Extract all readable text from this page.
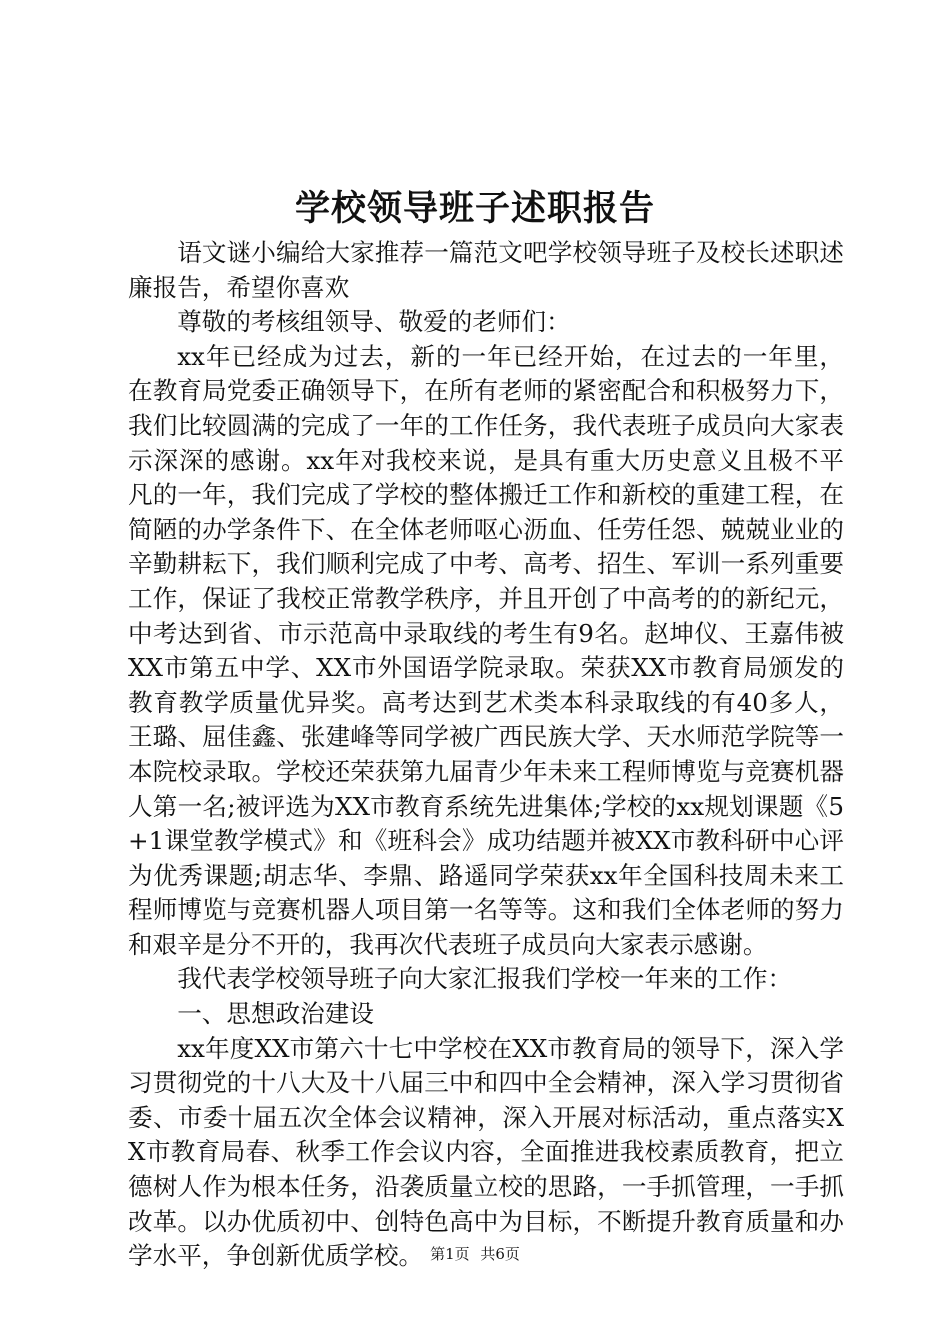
学校领导班子述职报告

语文谜小编给大家推荐一篇范文吧学校领导班子及校长述职述廉报告，希望你喜欢

尊敬的考核组领导、敬爱的老师们：

xx年已经成为过去，新的一年已经开始，在过去的一年里，在教育局党委正确领导下，在所有老师的紧密配合和积极努力下，我们比较圆满的完成了一年的工作任务，我代表班子成员向大家表示深深的感谢。xx年对我校来说，是具有重大历史意义且极不平凡的一年，我们完成了学校的整体搬迁工作和新校的重建工程，在简陋的办学条件下、在全体老师呕心沥血、任劳任怨、兢兢业业的辛勤耕耘下，我们顺利完成了中考、高考、招生、军训一系列重要工作，保证了我校正常教学秩序，并且开创了中高考的的新纪元，中考达到省、市示范高中录取线的考生有9名。赵坤仪、王嘉伟被XX市第五中学、XX市外国语学院录取。荣获XX市教育局颁发的教育教学质量优异奖。高考达到艺术类本科录取线的有40多人，王璐、屈佳鑫、张建峰等同学被广西民族大学、天水师范学院等一本院校录取。学校还荣获第九届青少年未来工程师博览与竞赛机器人第一名;被评选为XX市教育系统先进集体;学校的xx规划课题《5+1课堂教学模式》和《班科会》成功结题并被XX市教科研中心评为优秀课题;胡志华、李鼎、路遥同学荣获xx年全国科技周未来工程师博览与竞赛机器人项目第一名等等。这和我们全体老师的努力和艰辛是分不开的，我再次代表班子成员向大家表示感谢。

我代表学校领导班子向大家汇报我们学校一年来的工作：

一、思想政治建设

xx年度XX市第六十七中学校在XX市教育局的领导下，深入学习贯彻党的十八大及十八届三中和四中全会精神，深入学习贯彻省委、市委十届五次全体会议精神，深入开展对标活动，重点落实XX市教育局春、秋季工作会议内容，全面推进我校素质教育，把立德树人作为根本任务，沿袭质量立校的思路，一手抓管理，一手抓改革。以办优质初中、创特色高中为目标，不断提升教育质量和办学水平，争创新优质学校。 第1页 共6页
